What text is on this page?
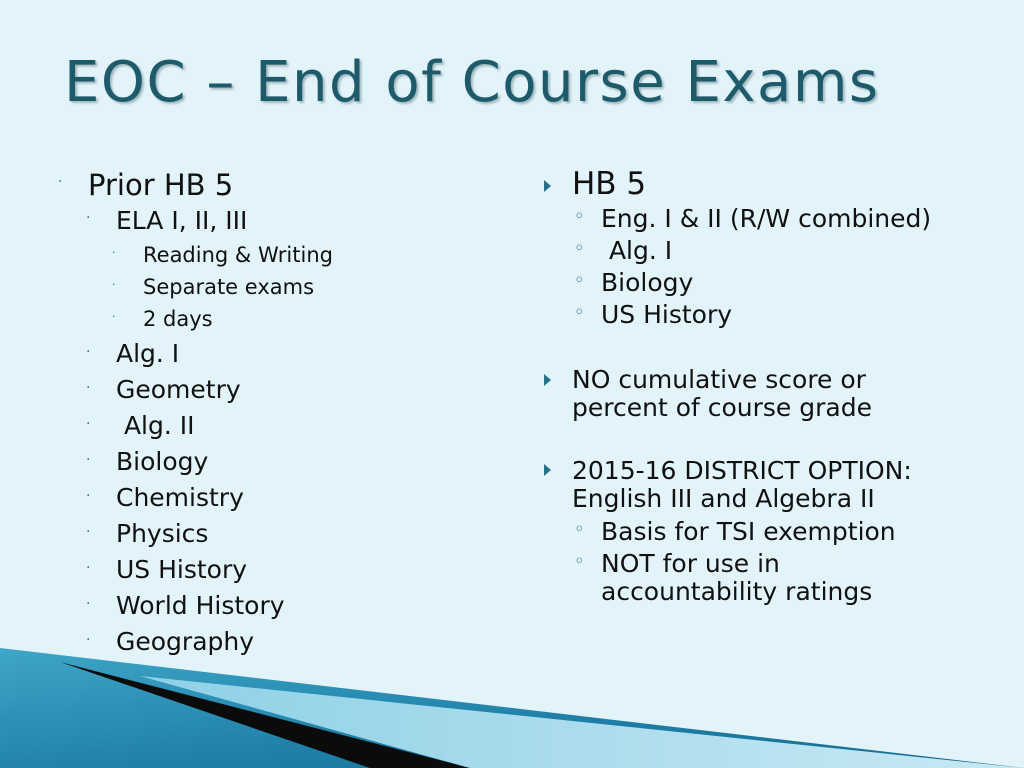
EOC – End of Course Exams
· Prior HB 5
· ELA I, II, III
· Reading & Writing
· Separate exams
· 2 days
· Alg. I
· Geometry
· Alg. II
· Biology
· Chemistry
· Physics
· US History
· World History
· Geography
HB 5
◦ Eng. I & II (R/W combined)
◦ Alg. I
◦ Biology
◦ US History
NO cumulative score or
percent of course grade
2015-16 DISTRICT OPTION:
English III and Algebra II
◦ Basis for TSI exemption
◦ NOT for use in
accountability ratings
